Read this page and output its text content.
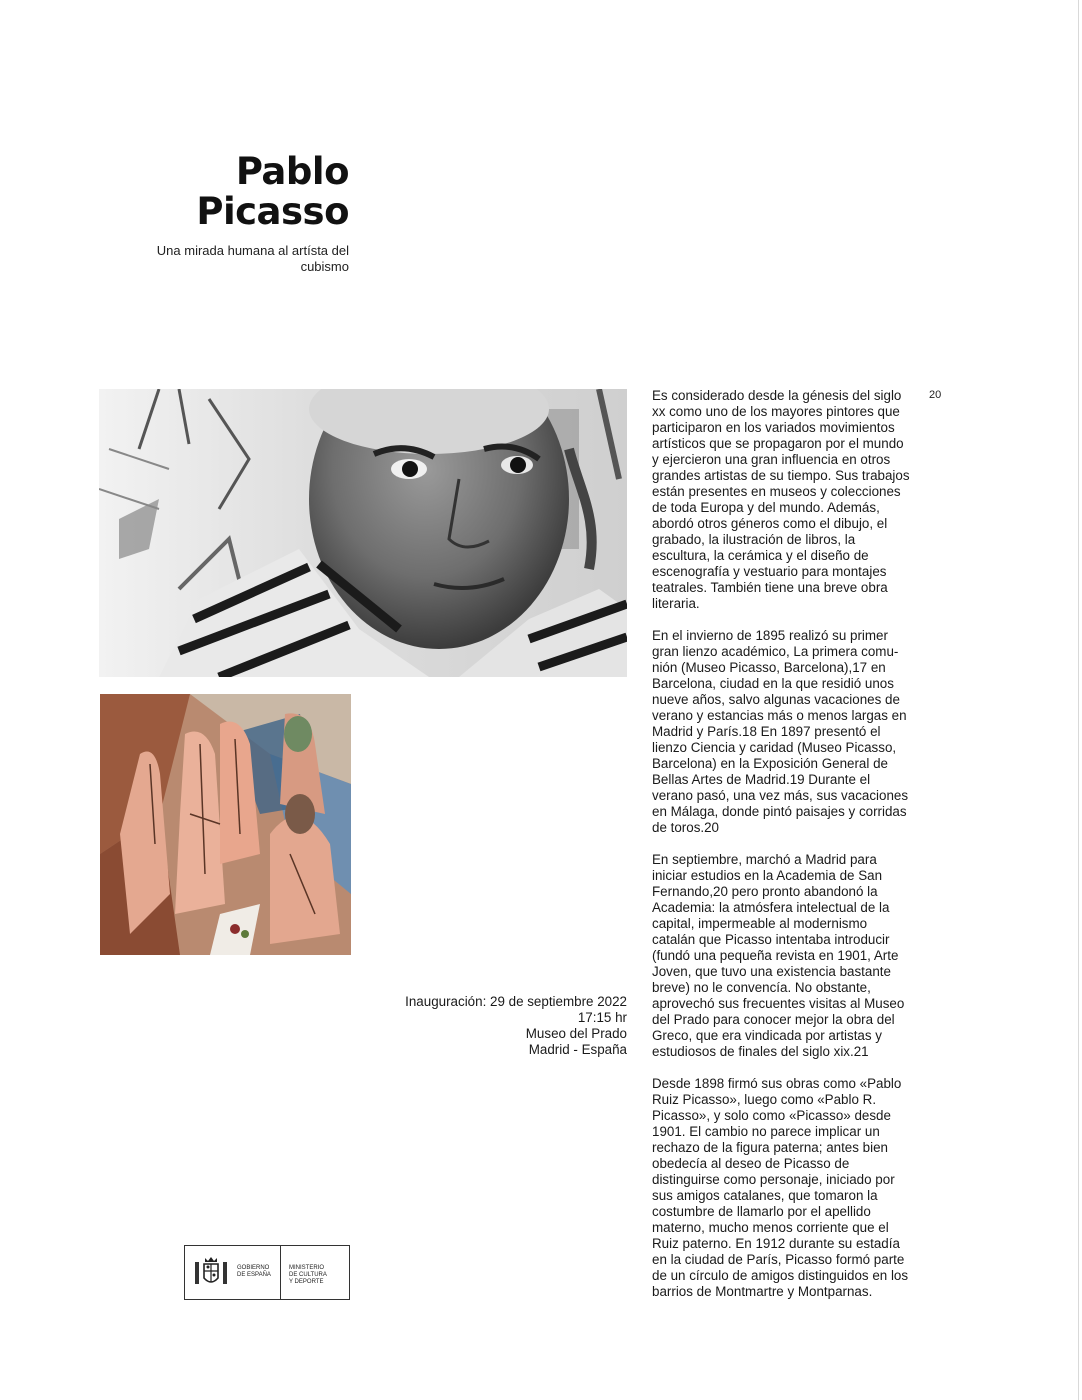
Pablo
Picasso
Una mirada humana al artísta del cubismo
Inauguración: 29 de septiembre 2022
17:15 hr
Museo del Prado
Madrid - España

Es considerado desde la génesis del siglo xx como uno de los mayores pintores que participaron en los variados movimientos artísticos que se propagaron por el mundo y ejercieron una gran influencia en otros grandes artistas de su tiempo. Sus trabajos están presentes en museos y colecciones de toda Europa y del mundo. Además, abordó otros géneros como el dibujo, el grabado, la ilustración de libros, la escultura, la cerámica y el diseño de escenografía y vestuario para montajes teatrales. También tiene una breve obra literaria.

En el invierno de 1895 realizó su primer gran lienzo académico, La primera comu- nión (Museo Picasso, Barcelona),17 en Barcelona, ciudad en la que residió unos nueve años, salvo algunas vacaciones de verano y estancias más o menos largas en Madrid y París.18 En 1897 presentó el lienzo Ciencia y caridad (Museo Picasso, Barcelona) en la Exposición General de Bellas Artes de Madrid.19 Durante el verano pasó, una vez más, sus vacaciones en Málaga, donde pintó paisajes y corridas de toros.20

En septiembre, marchó a Madrid para iniciar estudios en la Academia de San Fernando,20 pero pronto abandonó la Academia: la atmósfera intelectual de la capital, impermeable al modernismo catalán que Picasso intentaba introducir (fundó una pequeña revista en 1901, Arte Joven, que tuvo una existencia bastante breve) no le convencía. No obstante, aprovechó sus frecuentes visitas al Museo del Prado para conocer mejor la obra del Greco, que era vindicada por artistas y estudiosos de finales del siglo xix.21

Desde 1898 firmó sus obras como «Pablo Ruiz Picasso», luego como «Pablo R. Picasso», y solo como «Picasso» desde 1901. El cambio no parece implicar un rechazo de la figura paterna; antes bien obedecía al deseo de Picasso de distinguirse como personaje, iniciado por sus amigos catalanes, que tomaron la costumbre de llamarlo por el apellido materno, mucho menos corriente que el Ruiz paterno. En 1912 durante su estadía en la ciudad de París, Picasso formó parte de un círculo de amigos distinguidos en los barrios de Montmartre y Montparnas.

20
GOBIERNO
DE ESPAÑA
MINISTERIO
DE CULTURA
Y DEPORTE
